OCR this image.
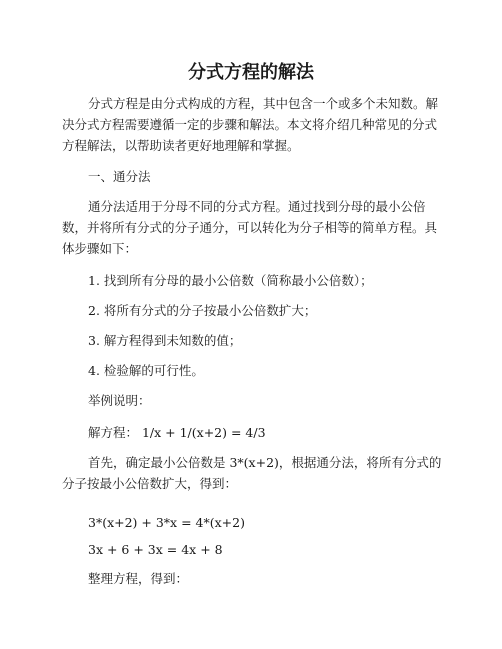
分式方程的解法

分式方程是由分式构成的方程，其中包含一个或多个未知数。解决分式方程需要遵循一定的步骤和解法。本文将介绍几种常见的分式方程解法，以帮助读者更好地理解和掌握。

一、通分法

通分法适用于分母不同的分式方程。通过找到分母的最小公倍数，并将所有分式的分子通分，可以转化为分子相等的简单方程。具体步骤如下：

1. 找到所有分母的最小公倍数（简称最小公倍数）；

2. 将所有分式的分子按最小公倍数扩大；

3. 解方程得到未知数的值；

4. 检验解的可行性。

举例说明：

解方程： 1/x + 1/(x+2) = 4/3

首先，确定最小公倍数是 3*(x+2)，根据通分法，将所有分式的分子按最小公倍数扩大，得到：

3*(x+2) + 3*x = 4*(x+2)

3x + 6 + 3x = 4x + 8

整理方程，得到：
